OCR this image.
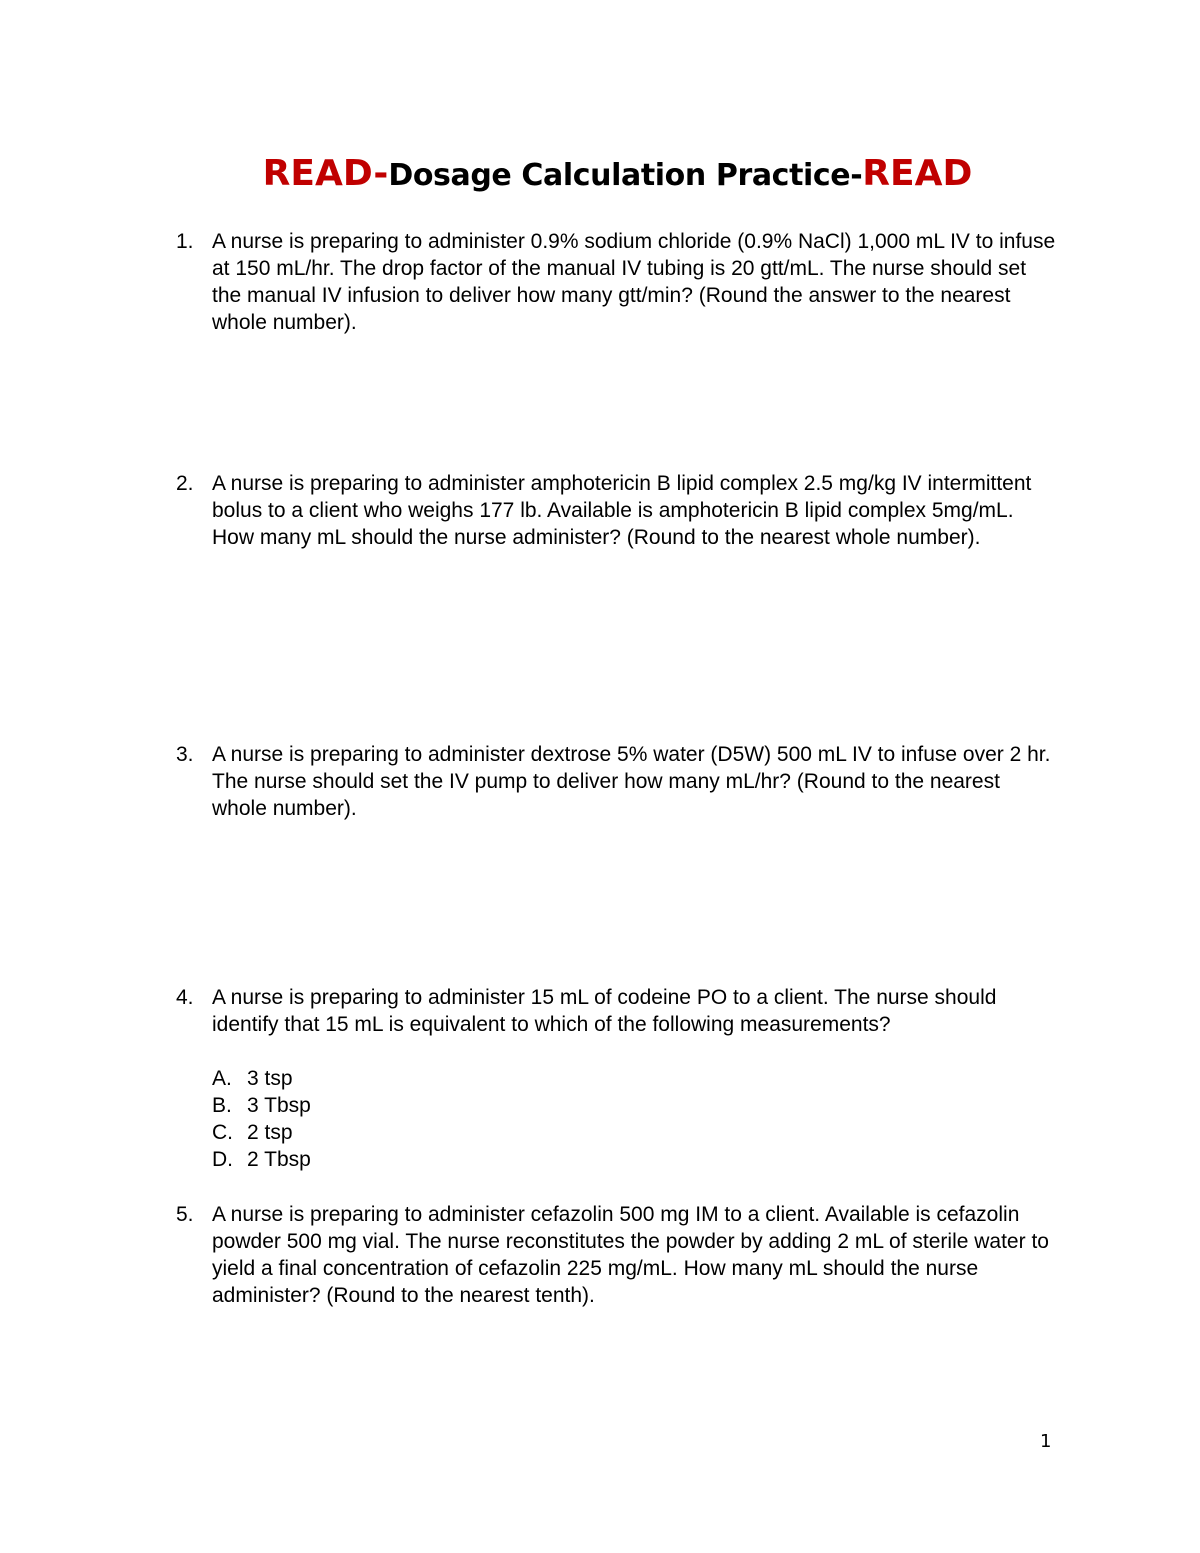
READ-Dosage Calculation Practice-READ
1. A nurse is preparing to administer 0.9% sodium chloride (0.9% NaCl) 1,000 mL IV to infuse at 150 mL/hr. The drop factor of the manual IV tubing is 20 gtt/mL. The nurse should set the manual IV infusion to deliver how many gtt/min? (Round the answer to the nearest whole number).
2. A nurse is preparing to administer amphotericin B lipid complex 2.5 mg/kg IV intermittent bolus to a client who weighs 177 lb. Available is amphotericin B lipid complex 5mg/mL. How many mL should the nurse administer? (Round to the nearest whole number).
3. A nurse is preparing to administer dextrose 5% water (D5W) 500 mL IV to infuse over 2 hr. The nurse should set the IV pump to deliver how many mL/hr? (Round to the nearest whole number).
4. A nurse is preparing to administer 15 mL of codeine PO to a client. The nurse should identify that 15 mL is equivalent to which of the following measurements?
A. 3 tsp
B. 3 Tbsp
C. 2 tsp
D. 2 Tbsp
5. A nurse is preparing to administer cefazolin 500 mg IM to a client. Available is cefazolin powder 500 mg vial. The nurse reconstitutes the powder by adding 2 mL of sterile water to yield a final concentration of cefazolin 225 mg/mL. How many mL should the nurse administer? (Round to the nearest tenth).
1
